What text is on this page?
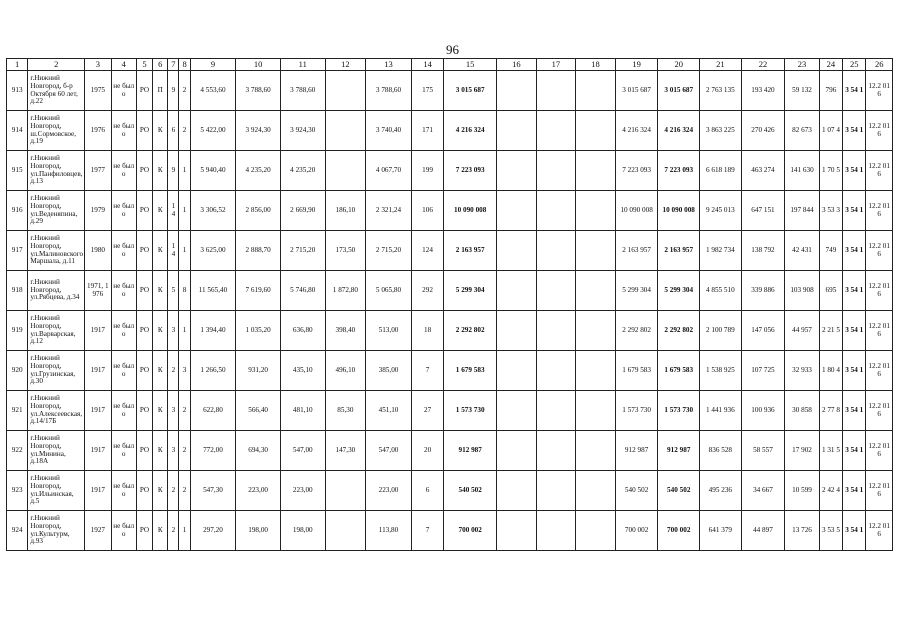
96
1	2	3	4	5	6	7	8	9	10	11	12	13	14	15	16	17	18	19	20	21	22	23	24	25	26
913	г.Нижний Новгород, б-р Октября 60 лет, д.22	1975	не было	РО	П	9	2	4 553,60	3 788,60	3 788,60		3 788,60	175	3 015 687				3 015 687	3 015 687	2 763 135	193 420	59 132	796	3 54 1	12.2 016
914	г.Нижний Новгород, ш.Сормовское, д.19	1976	не было	РО	К	6	2	5 422,00	3 924,30	3 924,30		3 740,40	171	4 216 324				4 216 324	4 216 324	3 863 225	270 426	82 673	1 07 4	3 54 1	12.2 016
915	г.Нижний Новгород, ул.Панфиловцев, д.13	1977	не было	РО	К	9	1	5 940,40	4 235,20	4 235,20		4 067,70	199	7 223 093				7 223 093	7 223 093	6 618 189	463 274	141 630	1 70 5	3 54 1	12.2 016
916	г.Нижний Новгород, ул.Веденяпина, д.29	1979	не было	РО	К	1 4	1	3 306,52	2 856,00	2 669,90	186,10	2 321,24	106	10 090 008				10 090 008	10 090 008	9 245 013	647 151	197 844	3 53 3	3 54 1	12.2 016
917	г.Нижний Новгород, ул.Малиновского Маршала, д.11	1980	не было	РО	К	1 4	1	3 625,00	2 888,70	2 715,20	173,50	2 715,20	124	2 163 957				2 163 957	2 163 957	1 982 734	138 792	42 431	749	3 54 1	12.2 016
918	г.Нижний Новгород, ул.Рябцева, д.34	1971, 1976	не было	РО	К	5	8	11 565,40	7 619,60	5 746,80	1 872,80	5 065,80	292	5 299 304				5 299 304	5 299 304	4 855 510	339 886	103 908	695	3 54 1	12.2 016
919	г.Нижний Новгород, ул.Варварская, д.12	1917	не было	РО	К	3	1	1 394,40	1 035,20	636,80	398,40	513,00	18	2 292 802				2 292 802	2 292 802	2 100 789	147 056	44 957	2 21 5	3 54 1	12.2 016
920	г.Нижний Новгород, ул.Грузинская, д.30	1917	не было	РО	К	2	3	1 266,50	931,20	435,10	496,10	385,00	7	1 679 583				1 679 583	1 679 583	1 538 925	107 725	32 933	1 80 4	3 54 1	12.2 016
921	г.Нижний Новгород, ул.Алексеевская, д.14/17Б	1917	не было	РО	К	3	2	622,80	566,40	481,10	85,30	451,10	27	1 573 730				1 573 730	1 573 730	1 441 936	100 936	30 858	2 77 8	3 54 1	12.2 016
922	г.Нижний Новгород, ул.Минина, д.18А	1917	не было	РО	К	3	2	772,00	694,30	547,00	147,30	547,00	20	912 987				912 987	912 987	836 528	58 557	17 902	1 31 5	3 54 1	12.2 016
923	г.Нижний Новгород, ул.Ильинская, д.5	1917	не было	РО	К	2	2	547,30	223,00	223,00		223,00	6	540 502				540 502	540 502	495 236	34 667	10 599	2 42 4	3 54 1	12.2 016
924	г.Нижний Новгород, ул.Культурм, д.93	1927	не было	РО	К	2	1	297,20	198,00	198,00		113,80	7	700 002				700 002	700 002	641 379	44 897	13 726	3 53 5	3 54 1	12.2 016
